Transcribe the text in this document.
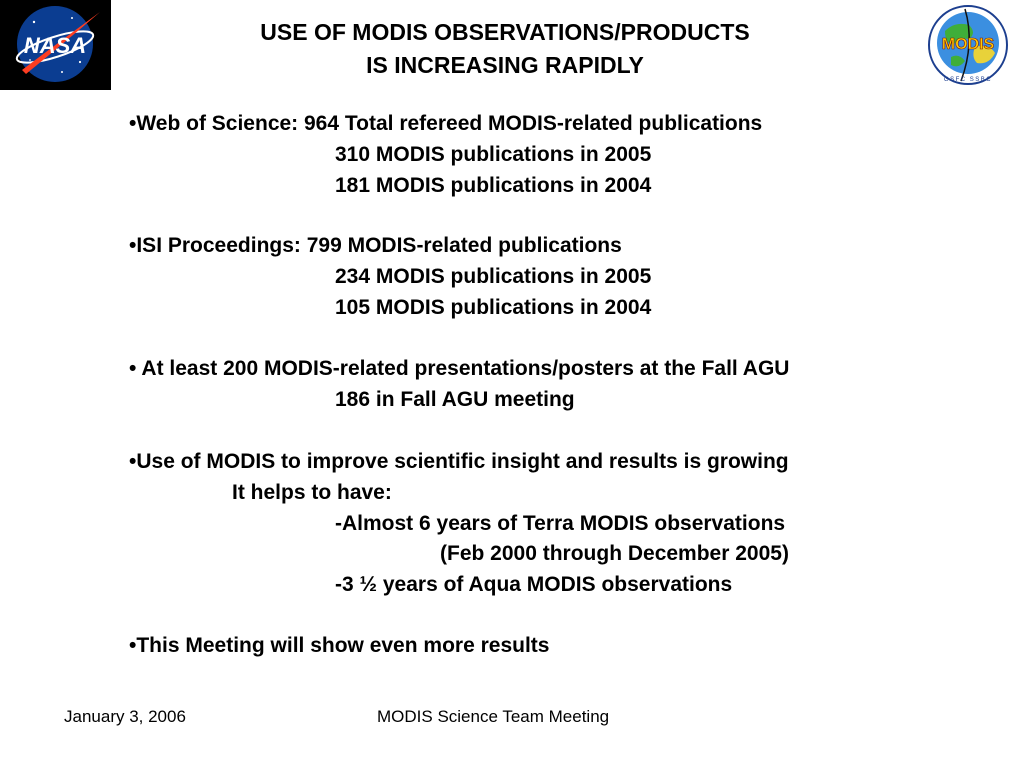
NASA	MODIS
GSFC SSBC
USE OF MODIS OBSERVATIONS/PRODUCTS
IS INCREASING RAPIDLY
•Web of Science: 964 Total refereed MODIS-related publications
310 MODIS publications in 2005
181 MODIS publications in 2004
•ISI Proceedings: 799 MODIS-related publications
234 MODIS publications in 2005
105 MODIS publications in 2004
• At least 200 MODIS-related presentations/posters at the Fall AGU
186 in Fall AGU meeting
•Use of MODIS to improve scientific insight and results is growing
It helps to have:
-Almost 6 years of Terra MODIS observations
(Feb 2000 through December 2005)
-3 ½ years of Aqua MODIS observations
•This Meeting will show even more results
January 3, 2006	MODIS Science Team Meeting
